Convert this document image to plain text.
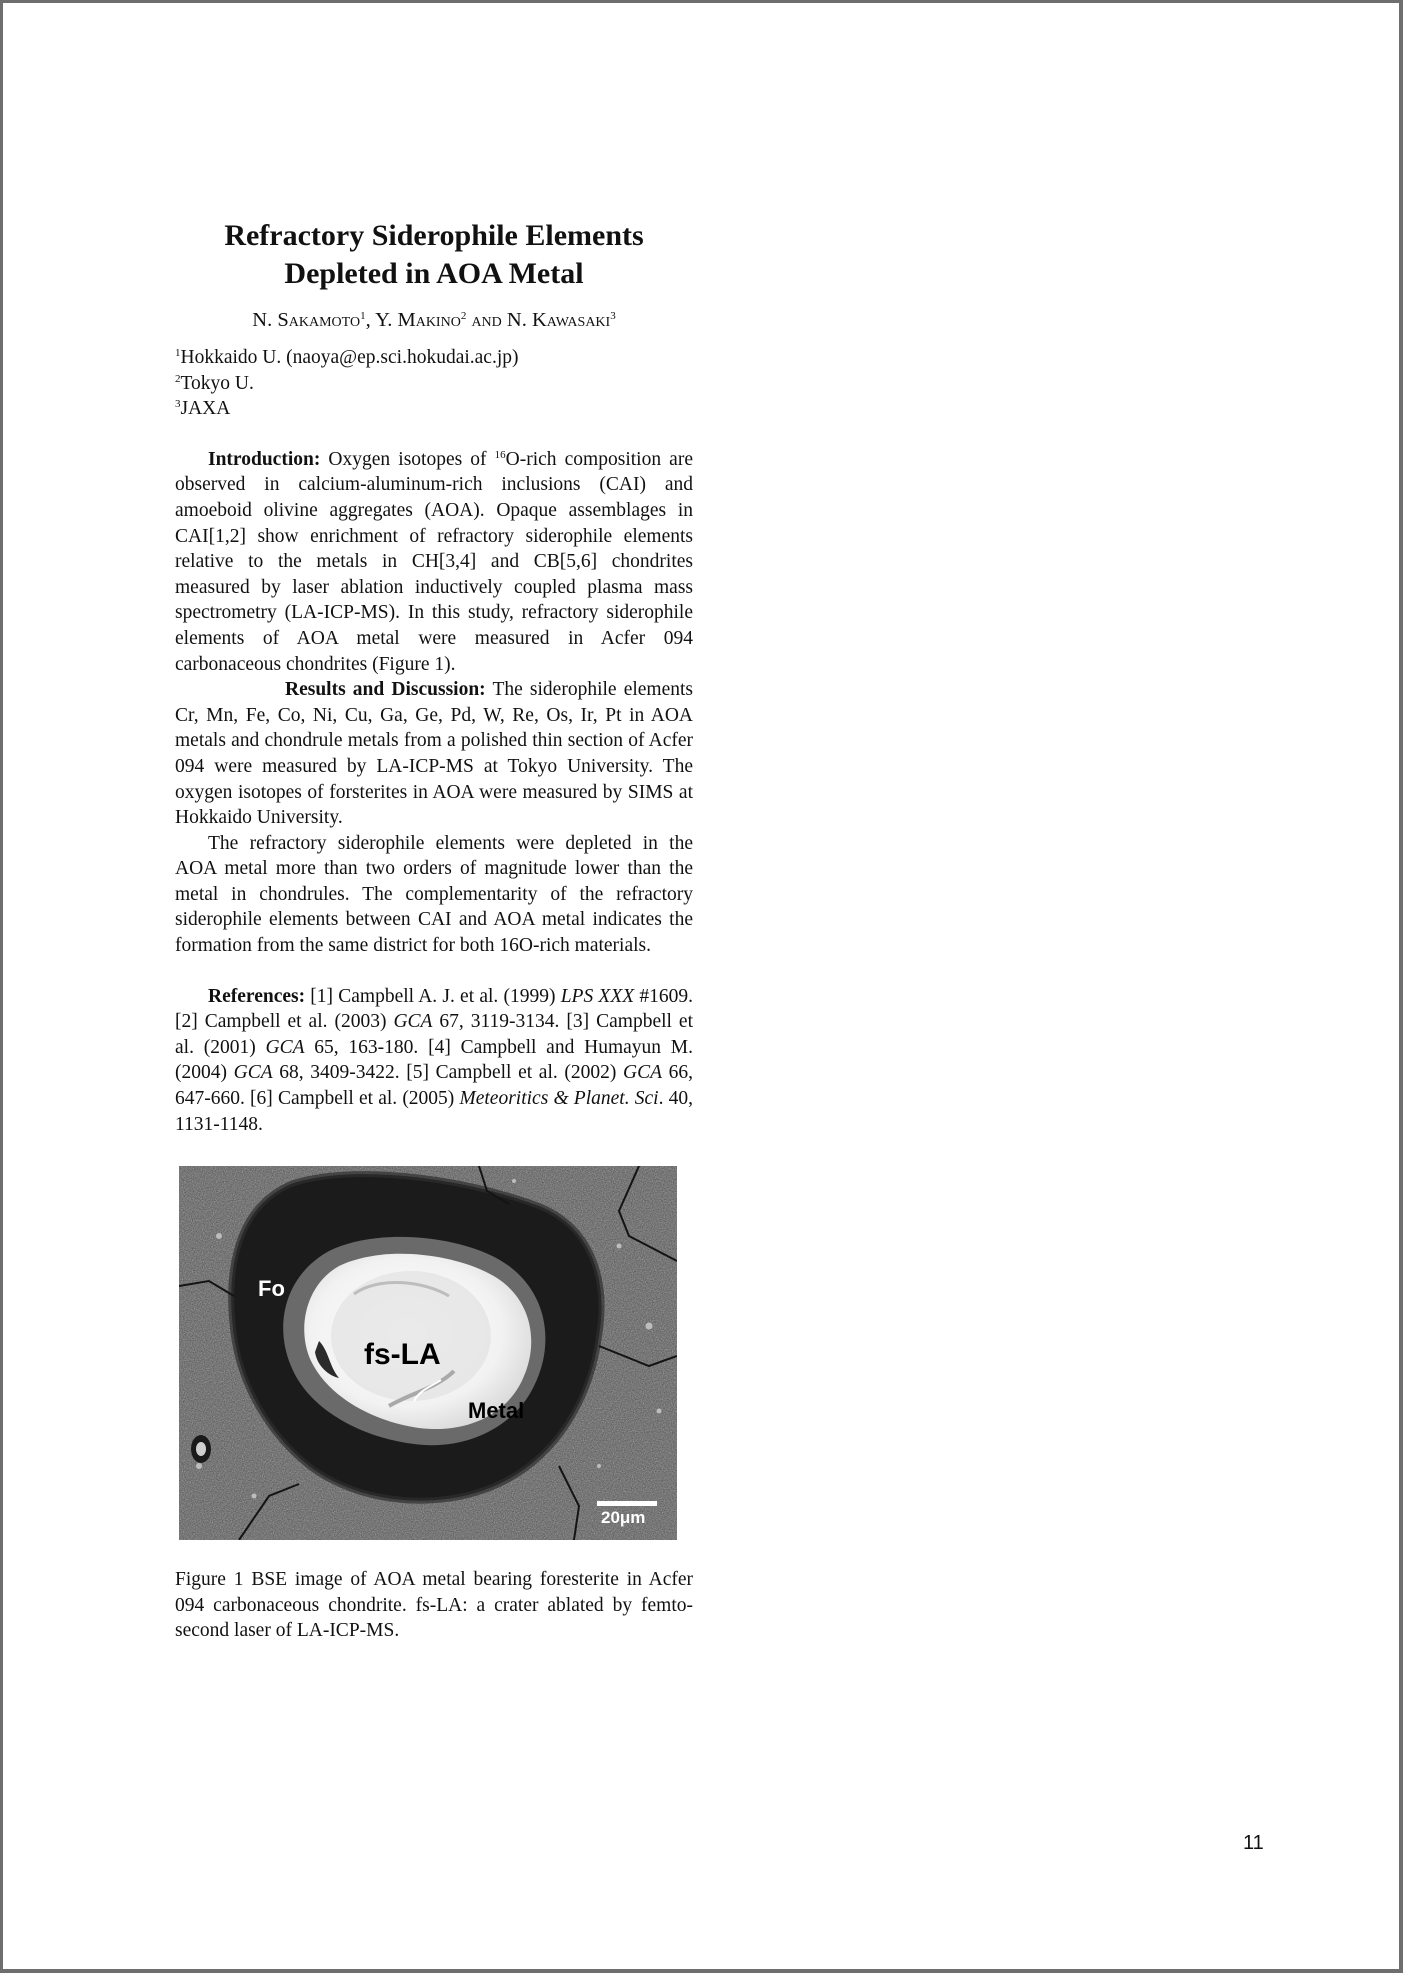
Refractory Siderophile Elements
Depleted in AOA Metal
N. Sakamoto$^1$, Y. Makino$^2$ and N. Kawasaki$^3$
$^1$Hokkaido U. (naoya@ep.sci.hokudai.ac.jp)
$^2$Tokyo U.
$^3$JAXA

Introduction: Oxygen isotopes of $^{16}$O-rich composition are observed in calcium-aluminum-rich inclusions (CAI) and amoeboid olivine aggregates (AOA). Opaque assemblages in CAI[1,2] show enrichment of refractory siderophile elements relative to the metals in CH[3,4] and CB[5,6] chondrites measured by laser ablation inductively coupled plasma mass spectrometry (LA-ICP-MS). In this study, refractory siderophile elements of AOA metal were measured in Acfer 094 carbonaceous chondrites (Figure 1).

Results and Discussion: The siderophile elements Cr, Mn, Fe, Co, Ni, Cu, Ga, Ge, Pd, W, Re, Os, Ir, Pt in AOA metals and chondrule metals from a polished thin section of Acfer 094 were measured by LA-ICP-MS at Tokyo University. The oxygen isotopes of forsterites in AOA were measured by SIMS at Hokkaido University.

The refractory siderophile elements were depleted in the AOA metal more than two orders of magnitude lower than the metal in chondrules. The complementarity of the refractory siderophile elements between CAI and AOA metal indicates the formation from the same district for both 16O-rich materials.

References: [1] Campbell A. J. et al. (1999) LPS XXX #1609. [2] Campbell et al. (2003) GCA 67, 3119-3134. [3] Campbell et al. (2001) GCA 65, 163-180. [4] Campbell and Humayun M. (2004) GCA 68, 3409-3422. [5] Campbell et al. (2002) GCA 66, 647-660. [6] Campbell et al. (2005) Meteoritics & Planet. Sci. 40, 1131-1148.

Fo
fs-LA
Metal
20μm
Figure 1 BSE image of AOA metal bearing foresterite in Acfer 094 carbonaceous chondrite. fs-LA: a crater ablated by femto-second laser of LA-ICP-MS.
11
